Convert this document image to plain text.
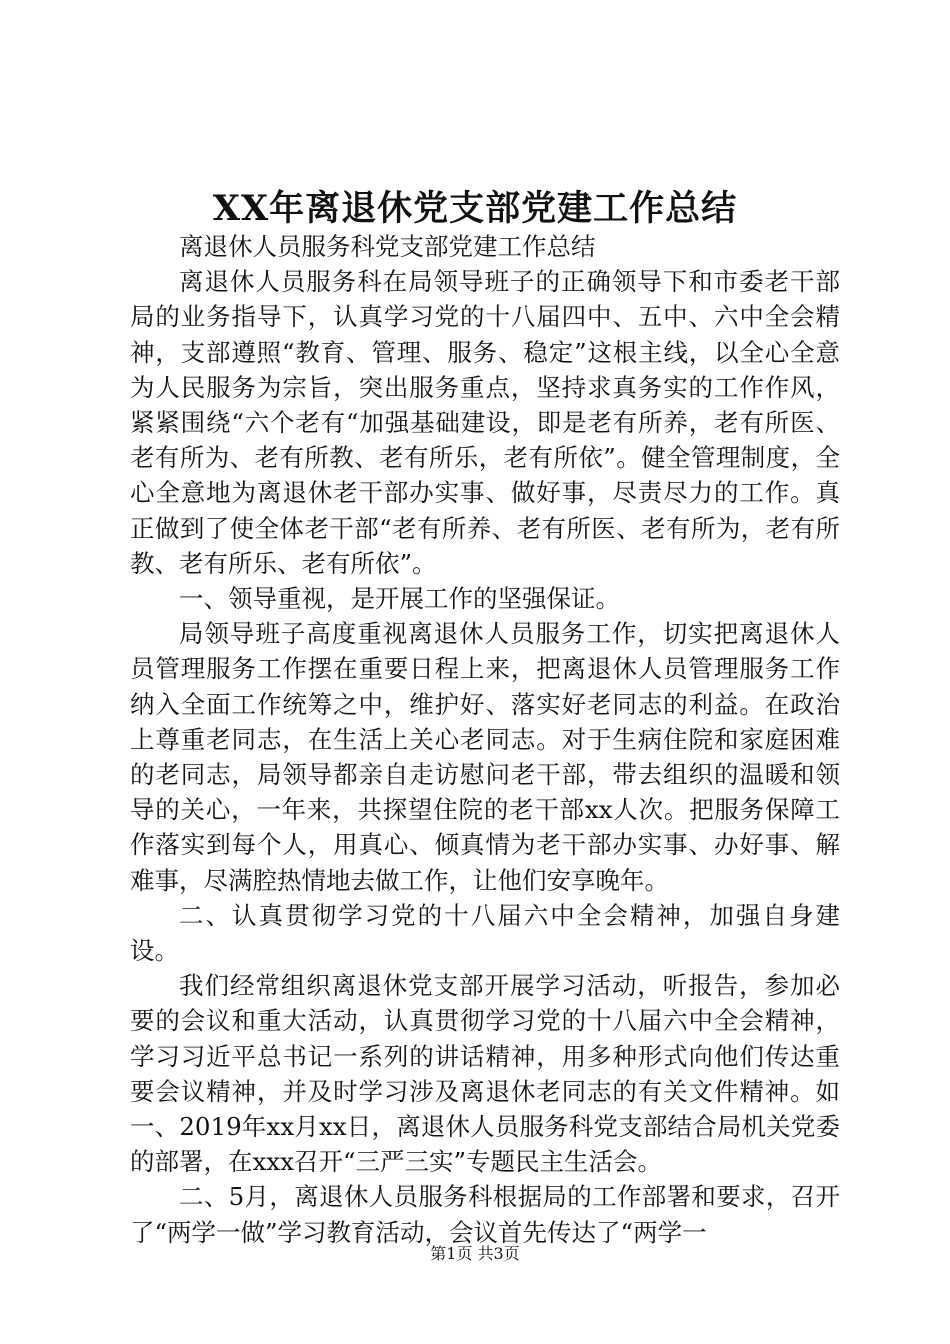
XX年离退休党支部党建工作总结

离退休人员服务科党支部党建工作总结

离退休人员服务科在局领导班子的正确领导下和市委老干部局的业务指导下，认真学习党的十八届四中、五中、六中全会精神，支部遵照“教育、管理、服务、稳定”这根主线，以全心全意为人民服务为宗旨，突出服务重点，坚持求真务实的工作作风，紧紧围绕“六个老有“加强基础建设，即是老有所养，老有所医、老有所为、老有所教、老有所乐，老有所依”。健全管理制度，全心全意地为离退休老干部办实事、做好事，尽责尽力的工作。真正做到了使全体老干部“老有所养、老有所医、老有所为，老有所教、老有所乐、老有所依”。

一、领导重视，是开展工作的坚强保证。

局领导班子高度重视离退休人员服务工作，切实把离退休人员管理服务工作摆在重要日程上来，把离退休人员管理服务工作纳入全面工作统筹之中，维护好、落实好老同志的利益。在政治上尊重老同志，在生活上关心老同志。对于生病住院和家庭困难的老同志，局领导都亲自走访慰问老干部，带去组织的温暖和领导的关心，一年来，共探望住院的老干部xx人次。把服务保障工作落实到每个人，用真心、倾真情为老干部办实事、办好事、解难事，尽满腔热情地去做工作，让他们安享晚年。

二、认真贯彻学习党的十八届六中全会精神，加强自身建设。

我们经常组织离退休党支部开展学习活动，听报告，参加必要的会议和重大活动，认真贯彻学习党的十八届六中全会精神，学习习近平总书记一系列的讲话精神，用多种形式向他们传达重要会议精神，并及时学习涉及离退休老同志的有关文件精神。如一、2019年xx月xx日，离退休人员服务科党支部结合局机关党委的部署，在xxx召开“三严三实”专题民主生活会。

二、5月，离退休人员服务科根据局的工作部署和要求，召开了“两学一做”学习教育活动，会议首先传达了“两学一

第1页 共3页
